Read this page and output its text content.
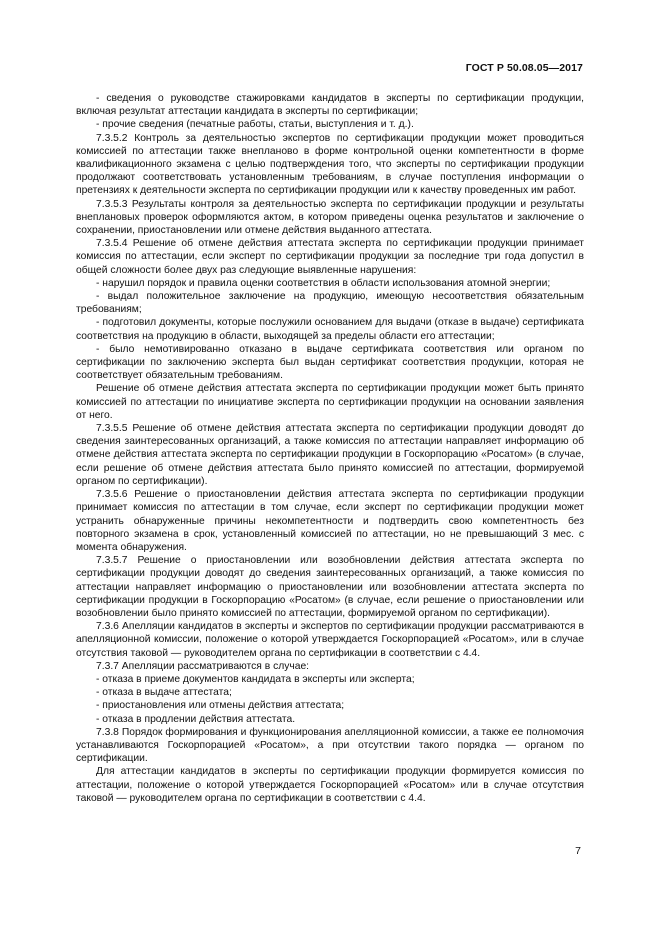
ГОСТ Р 50.08.05—2017

- сведения о руководстве стажировками кандидатов в эксперты по сертификации продукции, включая результат аттестации кандидата в эксперты по сертификации;

- прочие сведения (печатные работы, статьи, выступления и т. д.).

7.3.5.2 Контроль за деятельностью экспертов по сертификации продукции может проводиться комиссией по аттестации также внеплановo в форме контрольной оценки компетентности в форме квалификационного экзамена с целью подтверждения того, что эксперты по сертификации продукции продолжают соответствовать установленным требованиям, в случае поступления информации о претензиях к деятельности эксперта по сертификации продукции или к качеству проведенных им работ.

7.3.5.3 Результаты контроля за деятельностью эксперта по сертификации продукции и результаты внеплановых проверок оформляются актом, в котором приведены оценка результатов и заключение о сохранении, приостановлении или отмене действия выданного аттестата.

7.3.5.4 Решение об отмене действия аттестата эксперта по сертификации продукции принимает комиссия по аттестации, если эксперт по сертификации продукции за последние три года допустил в общей сложности более двух раз следующие выявленные нарушения:

- нарушил порядок и правила оценки соответствия в области использования атомной энергии;

- выдал положительное заключение на продукцию, имеющую несоответствия обязательным требованиям;

- подготовил документы, которые послужили основанием для выдачи (отказе в выдаче) сертификата соответствия на продукцию в области, выходящей за пределы области его аттестации;

- было немотивированно отказано в выдаче сертификата соответствия или органом по сертификации по заключению эксперта был выдан сертификат соответствия продукции, которая не соответствует обязательным требованиям.

Решение об отмене действия аттестата эксперта по сертификации продукции может быть принято комиссией по аттестации по инициативе эксперта по сертификации продукции на основании заявления от него.

7.3.5.5 Решение об отмене действия аттестата эксперта по сертификации продукции доводят до сведения заинтересованных организаций, а также комиссия по аттестации направляет информацию об отмене действия аттестата эксперта по сертификации продукции в Госкорпорацию «Росатом» (в случае, если решение об отмене действия аттестата было принято комиссией по аттестации, формируемой органом по сертификации).

7.3.5.6 Решение о приостановлении действия аттестата эксперта по сертификации продукции принимает комиссия по аттестации в том случае, если эксперт по сертификации продукции может устранить обнаруженные причины некомпетентности и подтвердить свою компетентность без повторного экзамена в срок, установленный комиссией по аттестации, но не превышающий 3 мес. с момента обнаружения.

7.3.5.7 Решение о приостановлении или возобновлении действия аттестата эксперта по сертификации продукции доводят до сведения заинтересованных организаций, а также комиссия по аттестации направляет информацию о приостановлении или возобновлении аттестата эксперта по сертификации продукции в Госкорпорацию «Росатом» (в случае, если решение о приостановлении или возобновлении было принято комиссией по аттестации, формируемой органом по сертификации).

7.3.6 Апелляции кандидатов в эксперты и экспертов по сертификации продукции рассматриваются в апелляционной комиссии, положение о которой утверждается Госкорпорацией «Росатом», или в случае отсутствия таковой — руководителем органа по сертификации в соответствии с 4.4.

7.3.7 Апелляции рассматриваются в случае:

- отказа в приеме документов кандидата в эксперты или эксперта;

- отказа в выдаче аттестата;

- приостановления или отмены действия аттестата;

- отказа в продлении действия аттестата.

7.3.8 Порядок формирования и функционирования апелляционной комиссии, а также ее полномочия устанавливаются Госкорпорацией «Росатом», а при отсутствии такого порядка — органом по сертификации.

Для аттестации кандидатов в эксперты по сертификации продукции формируется комиссия по аттестации, положение о которой утверждается Госкорпорацией «Росатом» или в случае отсутствия таковой — руководителем органа по сертификации в соответствии с 4.4.

7
